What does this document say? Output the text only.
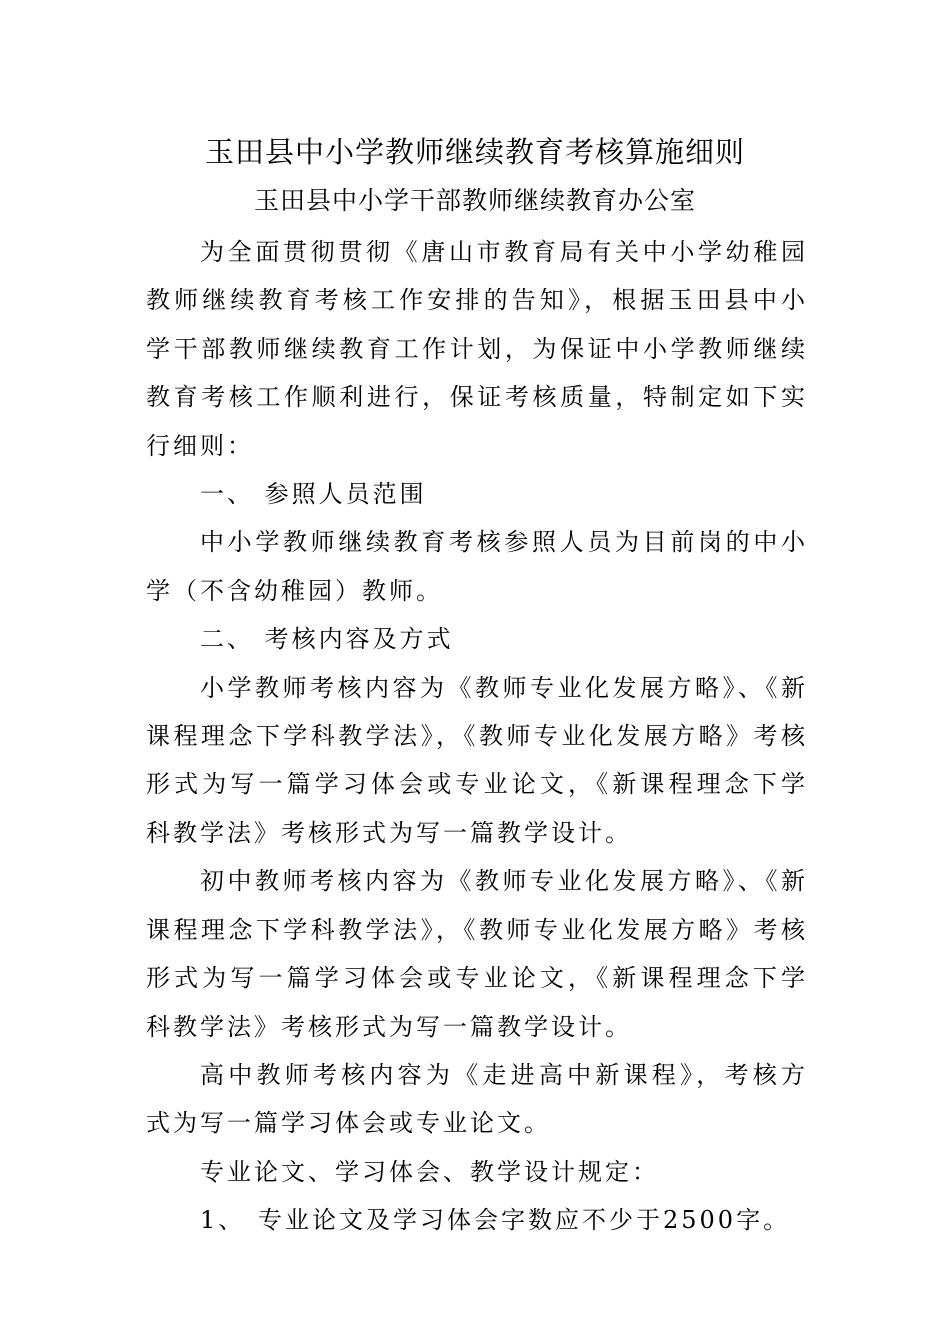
玉田县中小学教师继续教育考核算施细则
玉田县中小学干部教师继续教育办公室

为全面贯彻贯彻《唐山市教育局有关中小学幼稚园教师继续教育考核工作安排的告知》，根据玉田县中小学干部教师继续教育工作计划，为保证中小学教师继续教育考核工作顺利进行，保证考核质量，特制定如下实行细则：

一、 参照人员范围

中小学教师继续教育考核参照人员为目前岗的中小学（不含幼稚园）教师。

二、 考核内容及方式

小学教师考核内容为《教师专业化发展方略》、《新课程理念下学科教学法》，《教师专业化发展方略》考核形式为写一篇学习体会或专业论文，《新课程理念下学科教学法》考核形式为写一篇教学设计。

初中教师考核内容为《教师专业化发展方略》、《新课程理念下学科教学法》，《教师专业化发展方略》考核形式为写一篇学习体会或专业论文，《新课程理念下学科教学法》考核形式为写一篇教学设计。

高中教师考核内容为《走进高中新课程》，考核方式为写一篇学习体会或专业论文。

专业论文、学习体会、教学设计规定：

1、 专业论文及学习体会字数应不少于2500字。
